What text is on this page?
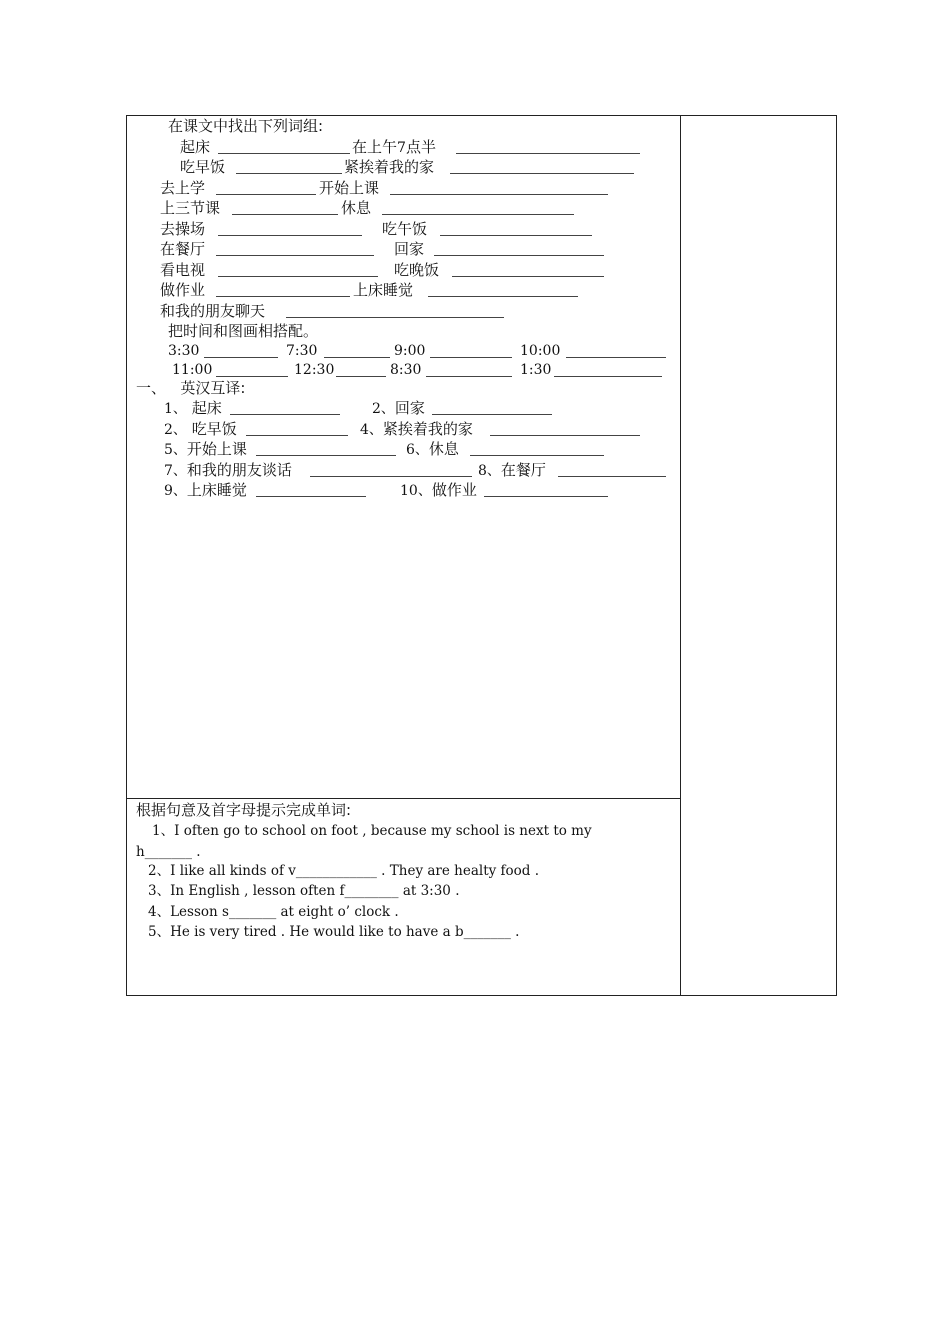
在课文中找出下列词组:
起床	在上午7点半
吃早饭	紧挨着我的家
去上学	开始上课
上三节课	休息
去操场	吃午饭
在餐厅	回家
看电视	吃晚饭
做作业	上床睡觉
和我的朋友聊天
把时间和图画相搭配。
3:30	7:30	9:00	10:00
11:00	12:30	8:30	1:30
一、 英汉互译:
1、 起床	2、回家
2、 吃早饭	4、紧挨着我的家
5、开始上课	6、休息
7、和我的朋友谈话	8、在餐厅
9、上床睡觉	10、做作业
根据句意及首字母提示完成单词:
1、I often go to school on foot , because my school is next to my
h_______ .
2、I like all kinds of v____________ . They are healty food .
3、In English , lesson often f________ at 3:30 .
4、Lesson s_______ at eight o’ clock .
5、He is very tired . He would like to have a b_______ .
